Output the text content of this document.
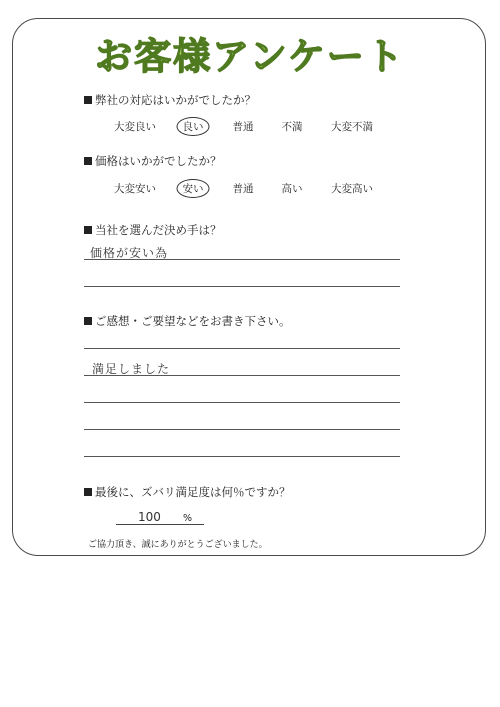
お客様アンケート
弊社の対応はいかがでしたか？
大変良い	良い	普通	不満	大変不満
価格はいかがでしたか？
大変安い	安い	普通	高い	大変高い
当社を選んだ決め手は？
価格が安い為
ご感想・ご要望などをお書き下さい。
満足しました
最後に、ズバリ満足度は何％ですか？
100 %
ご協力頂き、誠にありがとうございました。
